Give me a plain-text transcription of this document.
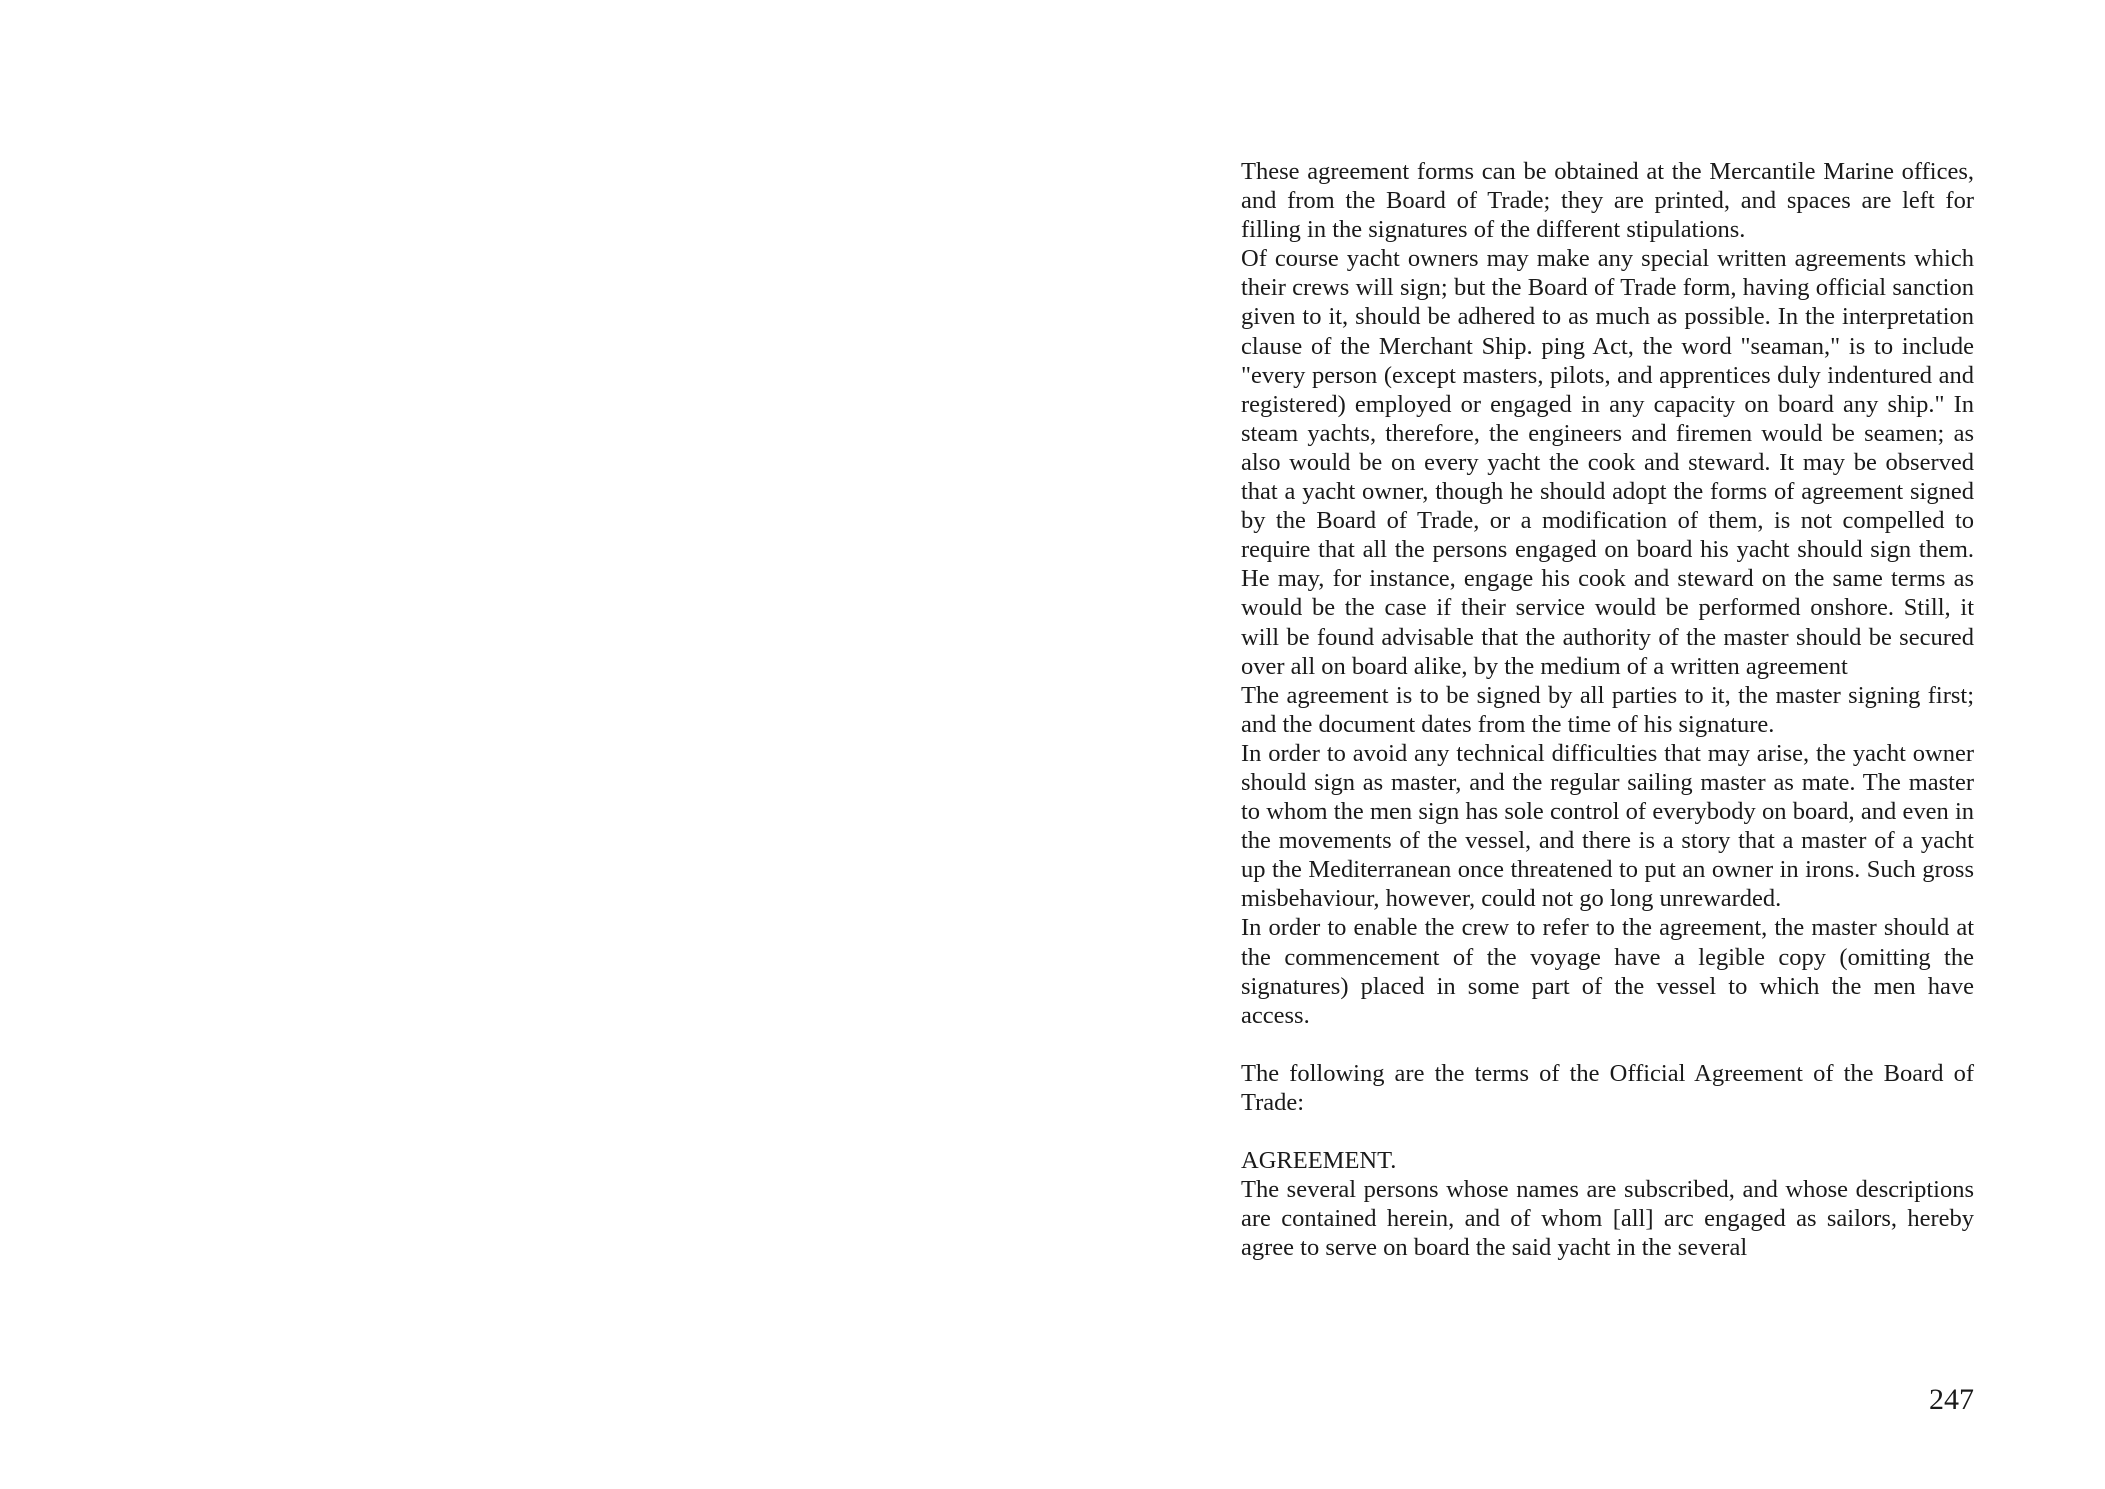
These agreement forms can be obtained at the Mercantile Marine offices, and from the Board of Trade; they are printed, and spaces are left for filling in the signatures of the different stipulations.

Of course yacht owners may make any special written agreements which their crews will sign; but the Board of Trade form, having official sanction given to it, should be adhered to as much as possible. In the interpretation clause of the Merchant Ship. ping Act, the word "seaman," is to include "every person (except masters, pilots, and apprentices duly indentured and registered) employed or engaged in any capacity on board any ship." In steam yachts, therefore, the engineers and firemen would be seamen; as also would be on every yacht the cook and steward. It may be observed that a yacht owner, though he should adopt the forms of agreement signed by the Board of Trade, or a modification of them, is not compelled to require that all the persons engaged on board his yacht should sign them. He may, for instance, engage his cook and steward on the same terms as would be the case if their service would be performed onshore. Still, it will be found advisable that the authority of the master should be secured over all on board alike, by the medium of a written agreement

The agreement is to be signed by all parties to it, the master signing first; and the document dates from the time of his signature.

In order to avoid any technical difficulties that may arise, the yacht owner should sign as master, and the regular sailing master as mate. The master to whom the men sign has sole control of everybody on board, and even in the movements of the vessel, and there is a story that a master of a yacht up the Mediterranean once threatened to put an owner in irons. Such gross misbehaviour, however, could not go long unrewarded.

In order to enable the crew to refer to the agreement, the master should at the commencement of the voyage have a legible copy (omitting the signatures) placed in some part of the vessel to which the men have access.

The following are the terms of the Official Agreement of the Board of Trade:

AGREEMENT.

The several persons whose names are subscribed, and whose descriptions are contained herein, and of whom [all] arc engaged as sailors, hereby agree to serve on board the said yacht in the several

247
